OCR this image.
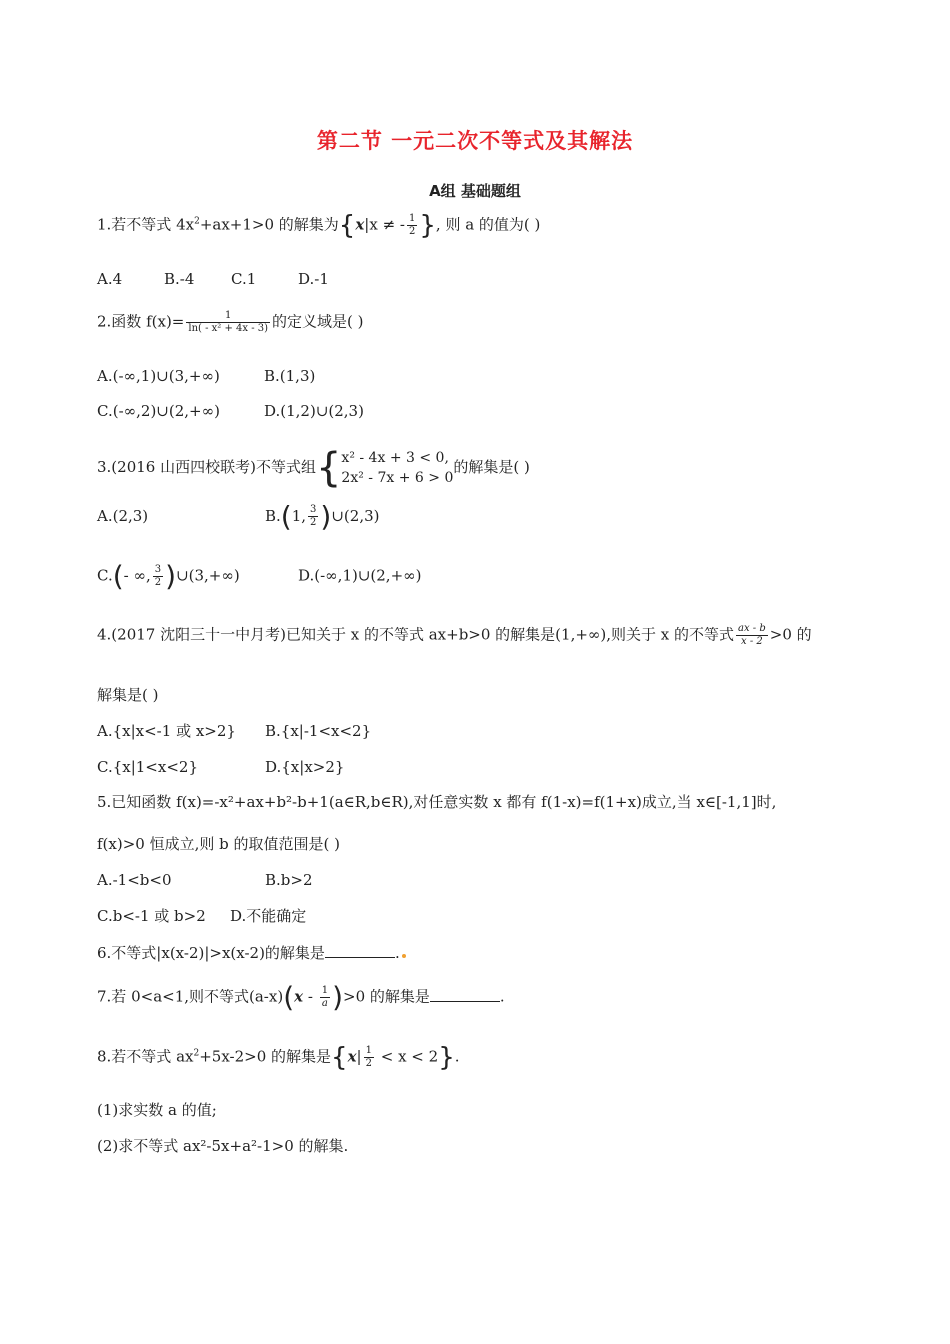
第二节 一元二次不等式及其解法
A组 基础题组
1.若不等式 $4x^2+ax+1>0$ 的解集为{x|x ≠ - $\frac{1}{2}$ }, 则 a 的值为( )
A.4	B.-4 C.1	D.-1
2.函数 $f(x)= \frac{1}{\text{ln( - x² + 4x - 3)}}$ 的定义域是( )
A.(-∞,1)∪(3,+∞)	B.(1,3)
C.(-∞,2)∪(2,+∞)	D.(1,2)∪(2,3)
3.(2016 山西四校联考)不等式组{ x² - 4x + 3 < 0,
2x² - 7x + 6 > 0
的解集是( )
A.(2,3)	B.(1, $\frac{3}{2}$ )∪(2,3)
C.(- ∞, $\frac{3}{2}$ )∪(3,+∞)	D.(-∞,1)∪(2,+∞)
4.(2017 沈阳三十一中月考)已知关于 x 的不等式 ax+b>0 的解集是(1,+∞),则关于 x 的不等式 $\frac{ax - b}{x - 2} >0$ 的
解集是( )
A.{x|x<-1 或 x>2} B.{x|-1<x<2}
C.{x|1<x<2}	D.{x|x>2}
5.已知函数 f(x)=-x²+ax+b²-b+1(a∈R,b∈R),对任意实数 x 都有 f(1-x)=f(1+x)成立,当 x∈[-1,1]时,
f(x)>0 恒成立,则 b 的取值范围是( )
A.-1<b<0	B.b>2
C.b<-1 或 b>2 D.不能确定
6.不等式|x(x-2)|>x(x-2)的解集是	.
7.若 0<a<1,则不等式$(a-x)(x - \frac{1}{a} )>0$ 的解集是	.
8.若不等式 $ax^2+5x-2>0$ 的解集是$\{x| \frac{1}{2} < x < 2\}$.
(1)求实数 a 的值;
(2)求不等式 ax²-5x+a²-1>0 的解集.
